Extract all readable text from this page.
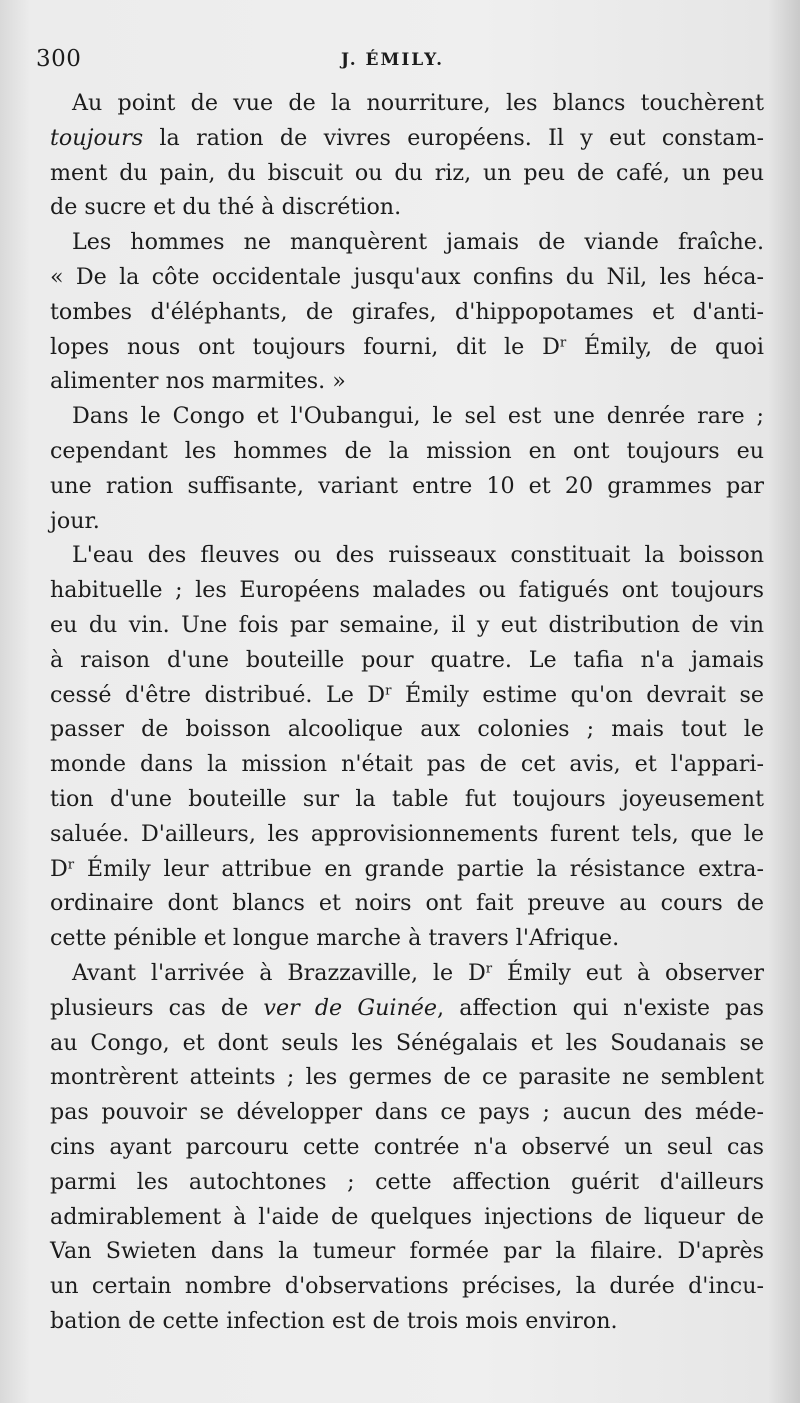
300	J. ÉMILY.
Au point de vue de la nourriture, les blancs touchèrent
toujours la ration de vivres européens. Il y eut constam-
ment du pain, du biscuit ou du riz, un peu de café, un peu
de sucre et du thé à discrétion.
Les hommes ne manquèrent jamais de viande fraîche.
« De la côte occidentale jusqu'aux confins du Nil, les héca-
tombes d'éléphants, de girafes, d'hippopotames et d'anti-
lopes nous ont toujours fourni, dit le $D^r$ Émily, de quoi
alimenter nos marmites. »
Dans le Congo et l'Oubangui, le sel est une denrée rare ;
cependant les hommes de la mission en ont toujours eu
une ration suffisante, variant entre 10 et 20 grammes par
jour.
L'eau des fleuves ou des ruisseaux constituait la boisson
habituelle ; les Européens malades ou fatigués ont toujours
eu du vin. Une fois par semaine, il y eut distribution de vin
à raison d'une bouteille pour quatre. Le tafia n'a jamais
cessé d'être distribué. Le $D^r$ Émily estime qu'on devrait se
passer de boisson alcoolique aux colonies ; mais tout le
monde dans la mission n'était pas de cet avis, et l'appari-
tion d'une bouteille sur la table fut toujours joyeusement
saluée. D'ailleurs, les approvisionnements furent tels, que le
$D^r$ Émily leur attribue en grande partie la résistance extra-
ordinaire dont blancs et noirs ont fait preuve au cours de
cette pénible et longue marche à travers l'Afrique.
Avant l'arrivée à Brazzaville, le $D^r$ Émily eut à observer
plusieurs cas de ver de Guinée, affection qui n'existe pas
au Congo, et dont seuls les Sénégalais et les Soudanais se
montrèrent atteints ; les germes de ce parasite ne semblent
pas pouvoir se développer dans ce pays ; aucun des méde-
cins ayant parcouru cette contrée n'a observé un seul cas
parmi les autochtones ; cette affection guérit d'ailleurs
admirablement à l'aide de quelques injections de liqueur de
Van Swieten dans la tumeur formée par la filaire. D'après
un certain nombre d'observations précises, la durée d'incu-
bation de cette infection est de trois mois environ.
